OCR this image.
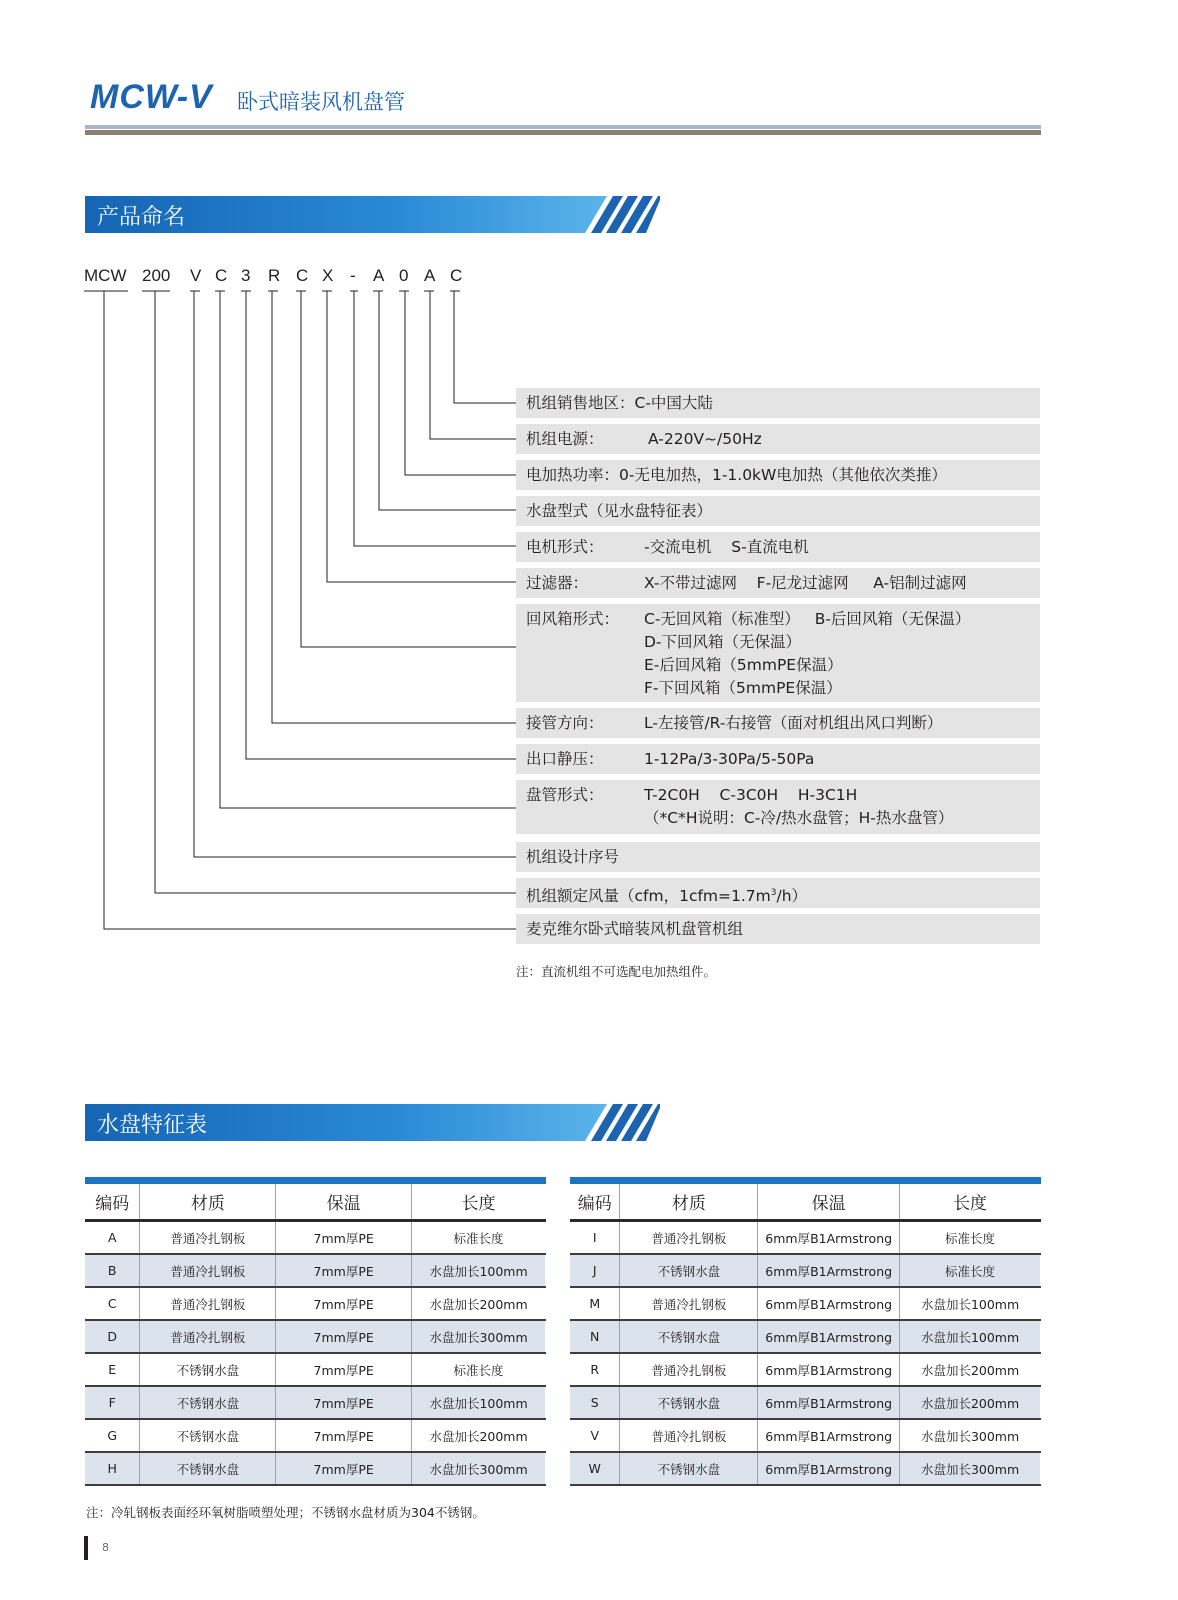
MCW-V 卧式暗装风机盘管
产品命名
MCW 200 V C 3 R C X - A 0 A C
机组销售地区：C-中国大陆
机组电源：	A-220V~/50Hz
电加热功率：0-无电加热，1-1.0kW电加热（其他依次类推）
水盘型式（见水盘特征表）
电机形式：	-交流电机    S-直流电机
过滤器：	X-不带过滤网    F-尼龙过滤网     A-铝制过滤网
回风箱形式： C-无回风箱（标准型）   B-后回风箱（无保温）
D-下回风箱（无保温）
E-后回风箱（5mmPE保温）
F-下回风箱（5mmPE保温）
接管方向：	L-左接管/R-右接管（面对机组出风口判断）
出口静压：	1-12Pa/3-30Pa/5-50Pa
盘管形式：	T-2C0H    C-3C0H    H-3C1H
（*C*H说明：C-冷/热水盘管；H-热水盘管）
机组设计序号
机组额定风量（cfm，$1cfm=1.7m^3/h$）
麦克维尔卧式暗装风机盘管机组
注：直流机组不可选配电加热组件。
水盘特征表
编码	材质	保温	长度
A	普通冷扎钢板	7mm厚PE	标准长度
B	普通冷扎钢板	7mm厚PE	水盘加长100mm
C	普通冷扎钢板	7mm厚PE	水盘加长200mm
D	普通冷扎钢板	7mm厚PE	水盘加长300mm
E	不锈钢水盘	7mm厚PE	标准长度
F	不锈钢水盘	7mm厚PE	水盘加长100mm
G	不锈钢水盘	7mm厚PE	水盘加长200mm
H	不锈钢水盘	7mm厚PE	水盘加长300mm
编码	材质	保温	长度
I	普通冷扎钢板	6mm厚B1Armstrong	标准长度
J	不锈钢水盘	6mm厚B1Armstrong	标准长度
M	普通冷扎钢板	6mm厚B1Armstrong	水盘加长100mm
N	不锈钢水盘	6mm厚B1Armstrong	水盘加长100mm
R	普通冷扎钢板	6mm厚B1Armstrong	水盘加长200mm
S	不锈钢水盘	6mm厚B1Armstrong	水盘加长200mm
V	普通冷扎钢板	6mm厚B1Armstrong	水盘加长300mm
W	不锈钢水盘	6mm厚B1Armstrong	水盘加长300mm
注：冷轧钢板表面经环氧树脂喷塑处理；不锈钢水盘材质为304不锈钢。
8
